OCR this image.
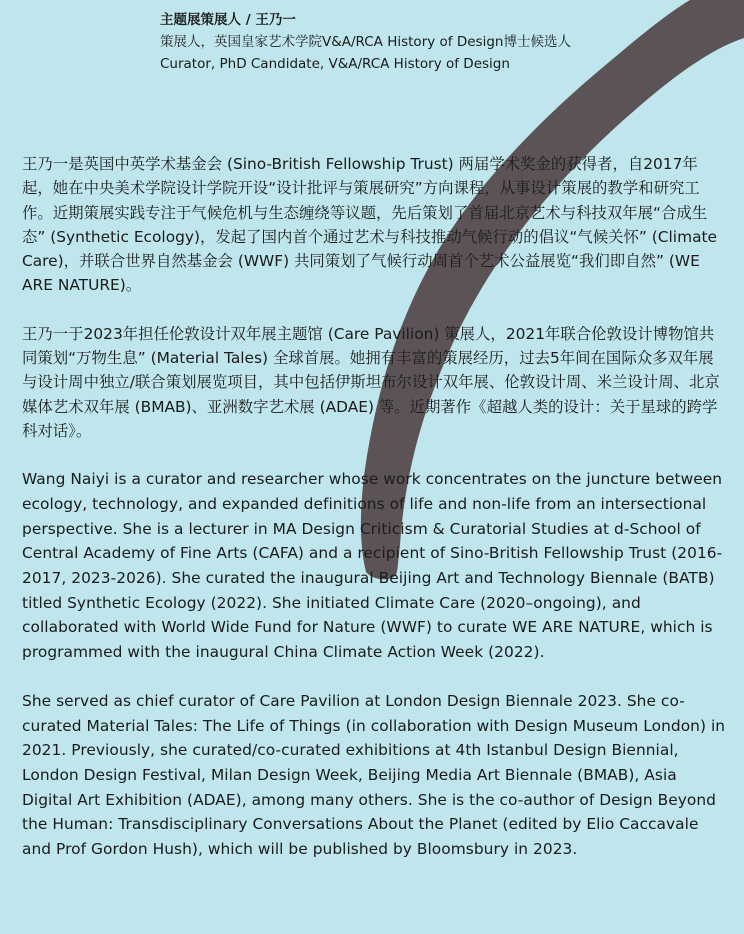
主题展策展人 / 王乃一

策展人，英国皇家艺术学院V&A/RCA History of Design博士候选人

Curator, PhD Candidate, V&A/RCA History of Design

王乃一是英国中英学术基金会 (Sino-British Fellowship Trust) 两届学术奖金的获得者，自2017年起，她在中央美术学院设计学院开设“设计批评与策展研究”方向课程，从事设计策展的教学和研究工作。近期策展实践专注于气候危机与生态缠绕等议题，先后策划了首届北京艺术与科技双年展“合成生态” (Synthetic Ecology)，发起了国内首个通过艺术与科技推动气候行动的倡议“气候关怀” (Climate Care)，并联合世界自然基金会 (WWF) 共同策划了气候行动周首个艺术公益展览“我们即自然” (WE ARE NATURE)。

王乃一于2023年担任伦敦设计双年展主题馆 (Care Pavilion) 策展人，2021年联合伦敦设计博物馆共同策划“万物生息” (Material Tales) 全球首展。她拥有丰富的策展经历，过去5年间在国际众多双年展与设计周中独立/联合策划展览项目，其中包括伊斯坦布尔设计双年展、伦敦设计周、米兰设计周、北京媒体艺术双年展 (BMAB)、亚洲数字艺术展 (ADAE) 等。近期著作《超越人类的设计：关于星球的跨学科对话》。

Wang Naiyi is a curator and researcher whose work concentrates on the juncture between ecology, technology, and expanded definitions of life and non-life from an intersectional perspective. She is a lecturer in MA Design Criticism & Curatorial Studies at d-School of Central Academy of Fine Arts (CAFA) and a recipient of Sino-British Fellowship Trust (2016-2017, 2023-2026). She curated the inaugural Beijing Art and Technology Biennale (BATB) titled Synthetic Ecology (2022). She initiated Climate Care (2020–ongoing), and collaborated with World Wide Fund for Nature (WWF) to curate WE ARE NATURE, which is programmed with the inaugural China Climate Action Week (2022).

She served as chief curator of Care Pavilion at London Design Biennale 2023. She co-curated Material Tales: The Life of Things (in collaboration with Design Museum London) in 2021. Previously, she curated/co-curated exhibitions at 4th Istanbul Design Biennial, London Design Festival, Milan Design Week, Beijing Media Art Biennale (BMAB), Asia Digital Art Exhibition (ADAE), among many others. She is the co-author of Design Beyond the Human: Transdisciplinary Conversations About the Planet (edited by Elio Caccavale and Prof Gordon Hush), which will be published by Bloomsbury in 2023.
